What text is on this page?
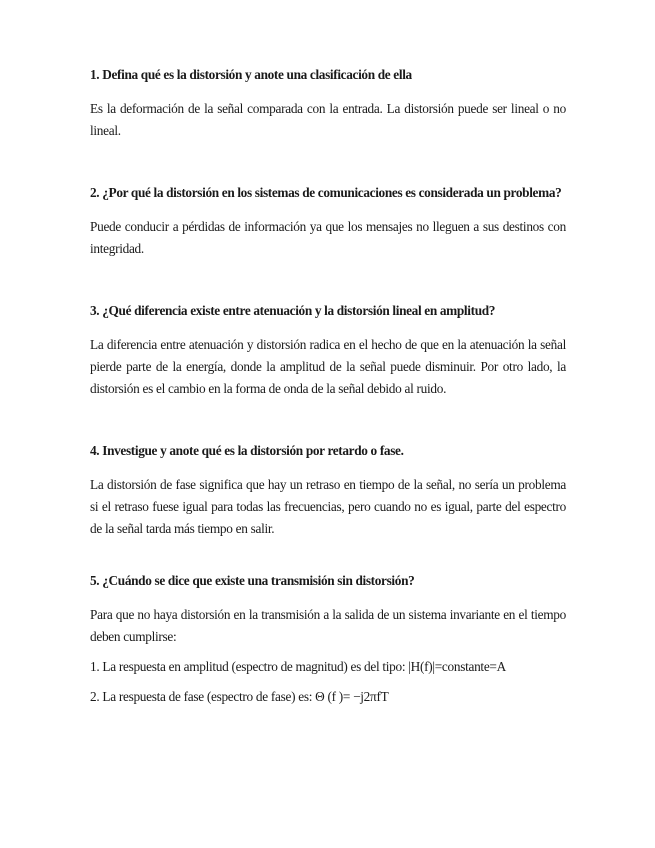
1. Defina qué es la distorsión y anote una clasificación de ella

Es la deformación de la señal comparada con la entrada. La distorsión puede ser lineal o no lineal.

2. ¿Por qué la distorsión en los sistemas de comunicaciones es considerada un problema?

Puede conducir a pérdidas de información ya que los mensajes no lleguen a sus destinos con integridad.

3. ¿Qué diferencia existe entre atenuación y la distorsión lineal en amplitud?

La diferencia entre atenuación y distorsión radica en el hecho de que en la atenuación la señal pierde parte de la energía, donde la amplitud de la señal puede disminuir. Por otro lado, la distorsión es el cambio en la forma de onda de la señal debido al ruido.

4. Investigue y anote qué es la distorsión por retardo o fase.

La distorsión de fase significa que hay un retraso en tiempo de la señal, no sería un problema si el retraso fuese igual para todas las frecuencias, pero cuando no es igual, parte del espectro de la señal tarda más tiempo en salir.

5. ¿Cuándo se dice que existe una transmisión sin distorsión?

Para que no haya distorsión en la transmisión a la salida de un sistema invariante en el tiempo deben cumplirse:

1. La respuesta en amplitud (espectro de magnitud) es del tipo: |H(f)|=constante=A

2. La respuesta de fase (espectro de fase) es: Θ (f )= −j2πfT
